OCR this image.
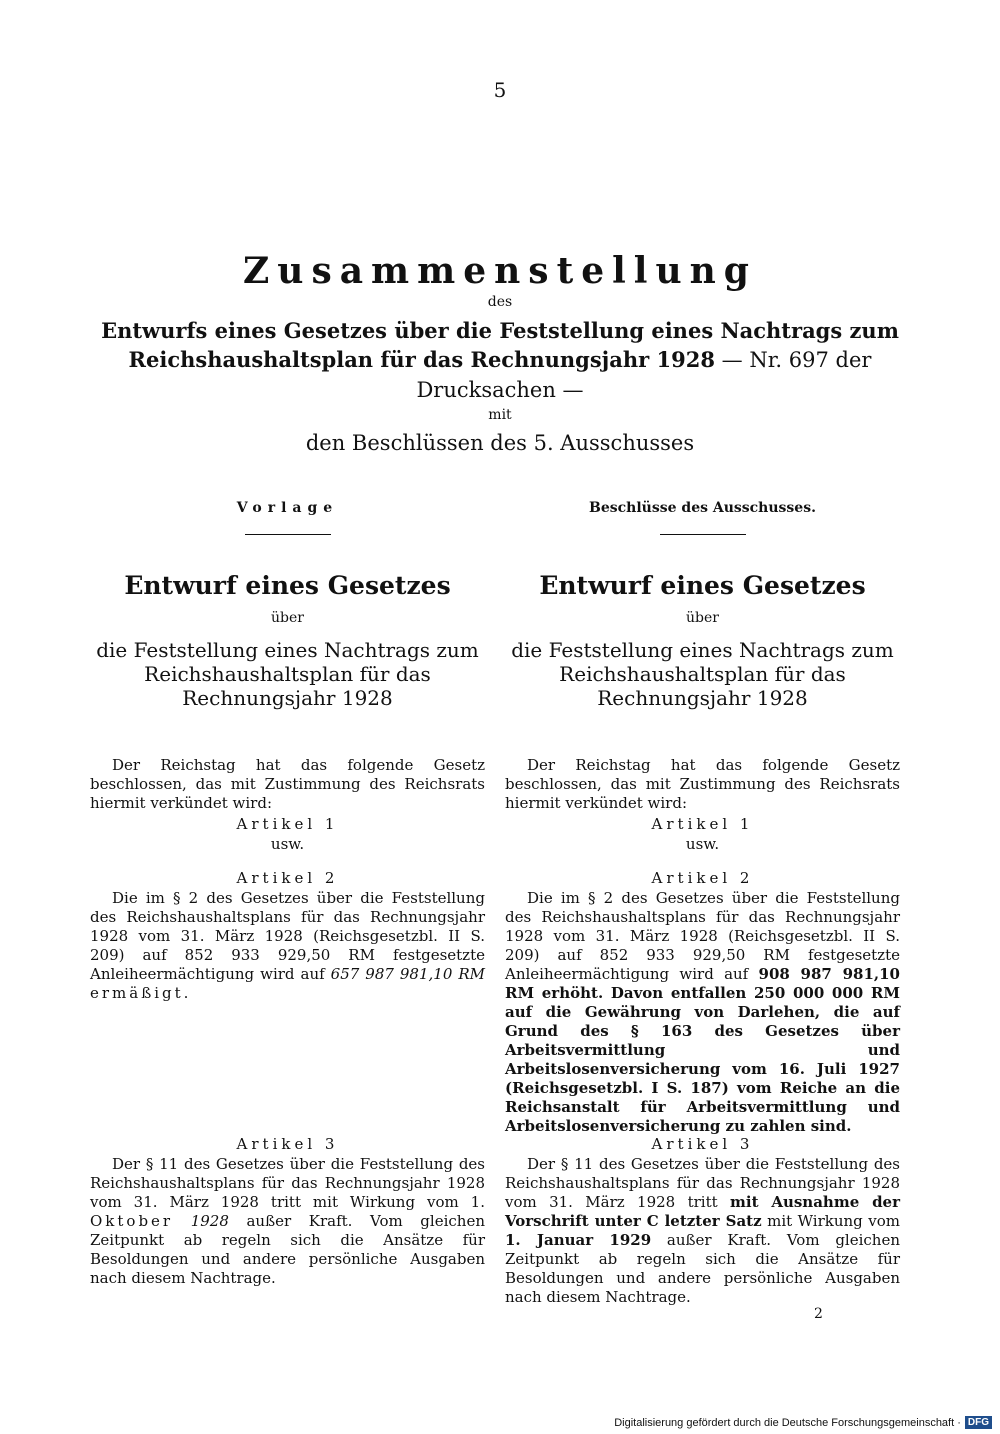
5

Zusammenstellung

des

Entwurfs eines Gesetzes über die Feststellung eines Nachtrags zum Reichshaushaltsplan für das Rechnungsjahr 1928 — Nr. 697 der Drucksachen —

mit

den Beschlüssen des 5. Ausschusses

Vorlage

Entwurf eines Gesetzes

über

die Feststellung eines Nachtrags zum Reichshaushaltsplan für das Rechnungsjahr 1928

Der Reichstag hat das folgende Gesetz beschlossen, das mit Zustimmung des Reichsrats hiermit verkündet wird:

Artikel 1

usw.

Artikel 2

Die im § 2 des Gesetzes über die Feststellung des Reichshaushaltsplans für das Rechnungsjahr 1928 vom 31. März 1928 (Reichsgesetzbl. II S. 209) auf 852 933 929,50 RM festgesetzte Anleiheermächtigung wird auf 657 987 981,10 RM ermäßigt.

Beschlüsse des Ausschusses.

Entwurf eines Gesetzes

über

die Feststellung eines Nachtrags zum Reichshaushaltsplan für das Rechnungsjahr 1928

Der Reichstag hat das folgende Gesetz beschlossen, das mit Zustimmung des Reichsrats hiermit verkündet wird:

Artikel 1

usw.

Artikel 2

Die im § 2 des Gesetzes über die Feststellung des Reichshaushaltsplans für das Rechnungsjahr 1928 vom 31. März 1928 (Reichsgesetzbl. II S. 209) auf 852 933 929,50 RM festgesetzte Anleiheermächtigung wird auf 908 987 981,10 RM erhöht. Davon entfallen 250 000 000 RM auf die Gewährung von Darlehen, die auf Grund des § 163 des Gesetzes über Arbeitsvermittlung und Arbeitslosenversicherung vom 16. Juli 1927 (Reichsgesetzbl. I S. 187) vom Reiche an die Reichsanstalt für Arbeitsvermittlung und Arbeitslosenversicherung zu zahlen sind.

Artikel 3

Der § 11 des Gesetzes über die Feststellung des Reichshaushaltsplans für das Rechnungsjahr 1928 vom 31. März 1928 tritt mit Wirkung vom 1. Oktober 1928 außer Kraft. Vom gleichen Zeitpunkt ab regeln sich die Ansätze für Besoldungen und andere persönliche Ausgaben nach diesem Nachtrage.

Artikel 3

Der § 11 des Gesetzes über die Feststellung des Reichshaushaltsplans für das Rechnungsjahr 1928 vom 31. März 1928 tritt mit Ausnahme der Vorschrift unter C letzter Satz mit Wirkung vom 1. Januar 1929 außer Kraft. Vom gleichen Zeitpunkt ab regeln sich die Ansätze für Besoldungen und andere persönliche Ausgaben nach diesem Nachtrage.

2
Digitalisierung gefördert durch die Deutsche Forschungsgemeinschaft · DFG
